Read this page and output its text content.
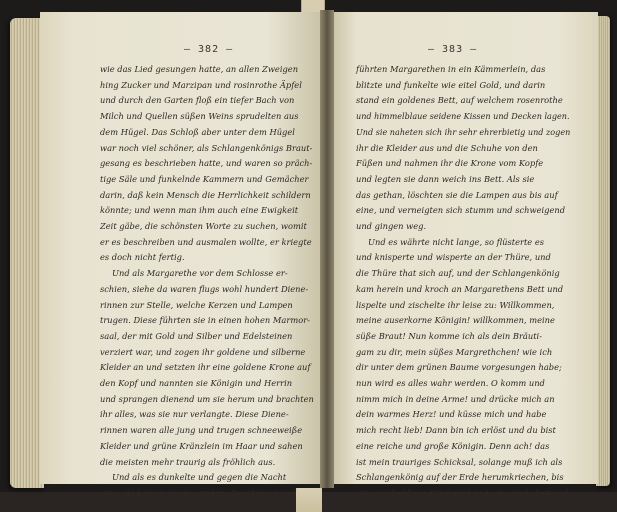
— 382 —	— 383 —
wie das Lied gesungen hatte, an allen Zweigen
hing Zucker und Marzipan und rosinrothe Äpfel
und durch den Garten floß ein tiefer Bach von
Milch und Quellen süßen Weins sprudelten aus
dem Hügel. Das Schloß aber unter dem Hügel
war noch viel schöner, als Schlangenkönigs Braut-
gesang es beschrieben hatte, und waren so präch-
tige Säle und funkelnde Kammern und Gemächer
darin, daß kein Mensch die Herrlichkeit schildern
könnte; und wenn man ihm auch eine Ewigkeit
Zeit gäbe, die schönsten Worte zu suchen, womit
er es beschreiben und ausmalen wollte, er kriegte
es doch nicht fertig.
Und als Margarethe vor dem Schlosse er-
schien, siehe da waren flugs wohl hundert Diene-
rinnen zur Stelle, welche Kerzen und Lampen
trugen. Diese führten sie in einen hohen Marmor-
saal, der mit Gold und Silber und Edelsteinen
verziert war, und zogen ihr goldene und silberne
Kleider an und setzten ihr eine goldene Krone auf
den Kopf und nannten sie Königin und Herrin
und sprangen dienend um sie herum und brachten
ihr alles, was sie nur verlangte. Diese Diene-
rinnen waren alle jung und trugen schneeweiße
Kleider und grüne Kränzlein im Haar und sahen
die meisten mehr traurig als fröhlich aus.
Und als es dunkelte und gegen die Nacht
ging, da kamen wieder andere Jungfrauen und
führten Margarethen in ein Kämmerlein, das
blitzte und funkelte wie eitel Gold, und darin
stand ein goldenes Bett, auf welchem rosenrothe
und himmelblaue seidene Kissen und Decken lagen.
Und sie naheten sich ihr sehr ehrerbietig und zogen
ihr die Kleider aus und die Schuhe von den
Füßen und nahmen ihr die Krone vom Kopfe
und legten sie dann weich ins Bett. Als sie
das gethan, löschten sie die Lampen aus bis auf
eine, und verneigten sich stumm und schweigend
und gingen weg.
Und es währte nicht lange, so flüsterte es
und knisperte und wisperte an der Thüre, und
die Thüre that sich auf, und der Schlangenkönig
kam herein und kroch an Margarethens Bett und
lispelte und zischelte ihr leise zu: Willkommen,
meine auserkorne Königin! willkommen, meine
süße Braut! Nun komme ich als dein Bräuti-
gam zu dir, mein süßes Margrethchen! wie ich
dir unter dem grünen Baume vorgesungen habe;
nun wird es alles wahr werden. O komm und
nimm mich in deine Arme! und drücke mich an
dein warmes Herz! und küsse mich und habe
mich recht lieb! Dann bin ich erlöst und du bist
eine reiche und große Königin. Denn ach! das
ist mein trauriges Schicksal, solange muß ich als
Schlangenkönig auf der Erde herumkriechen, bis
ein unschuldiges Kind mich in Liebe umhalset und
